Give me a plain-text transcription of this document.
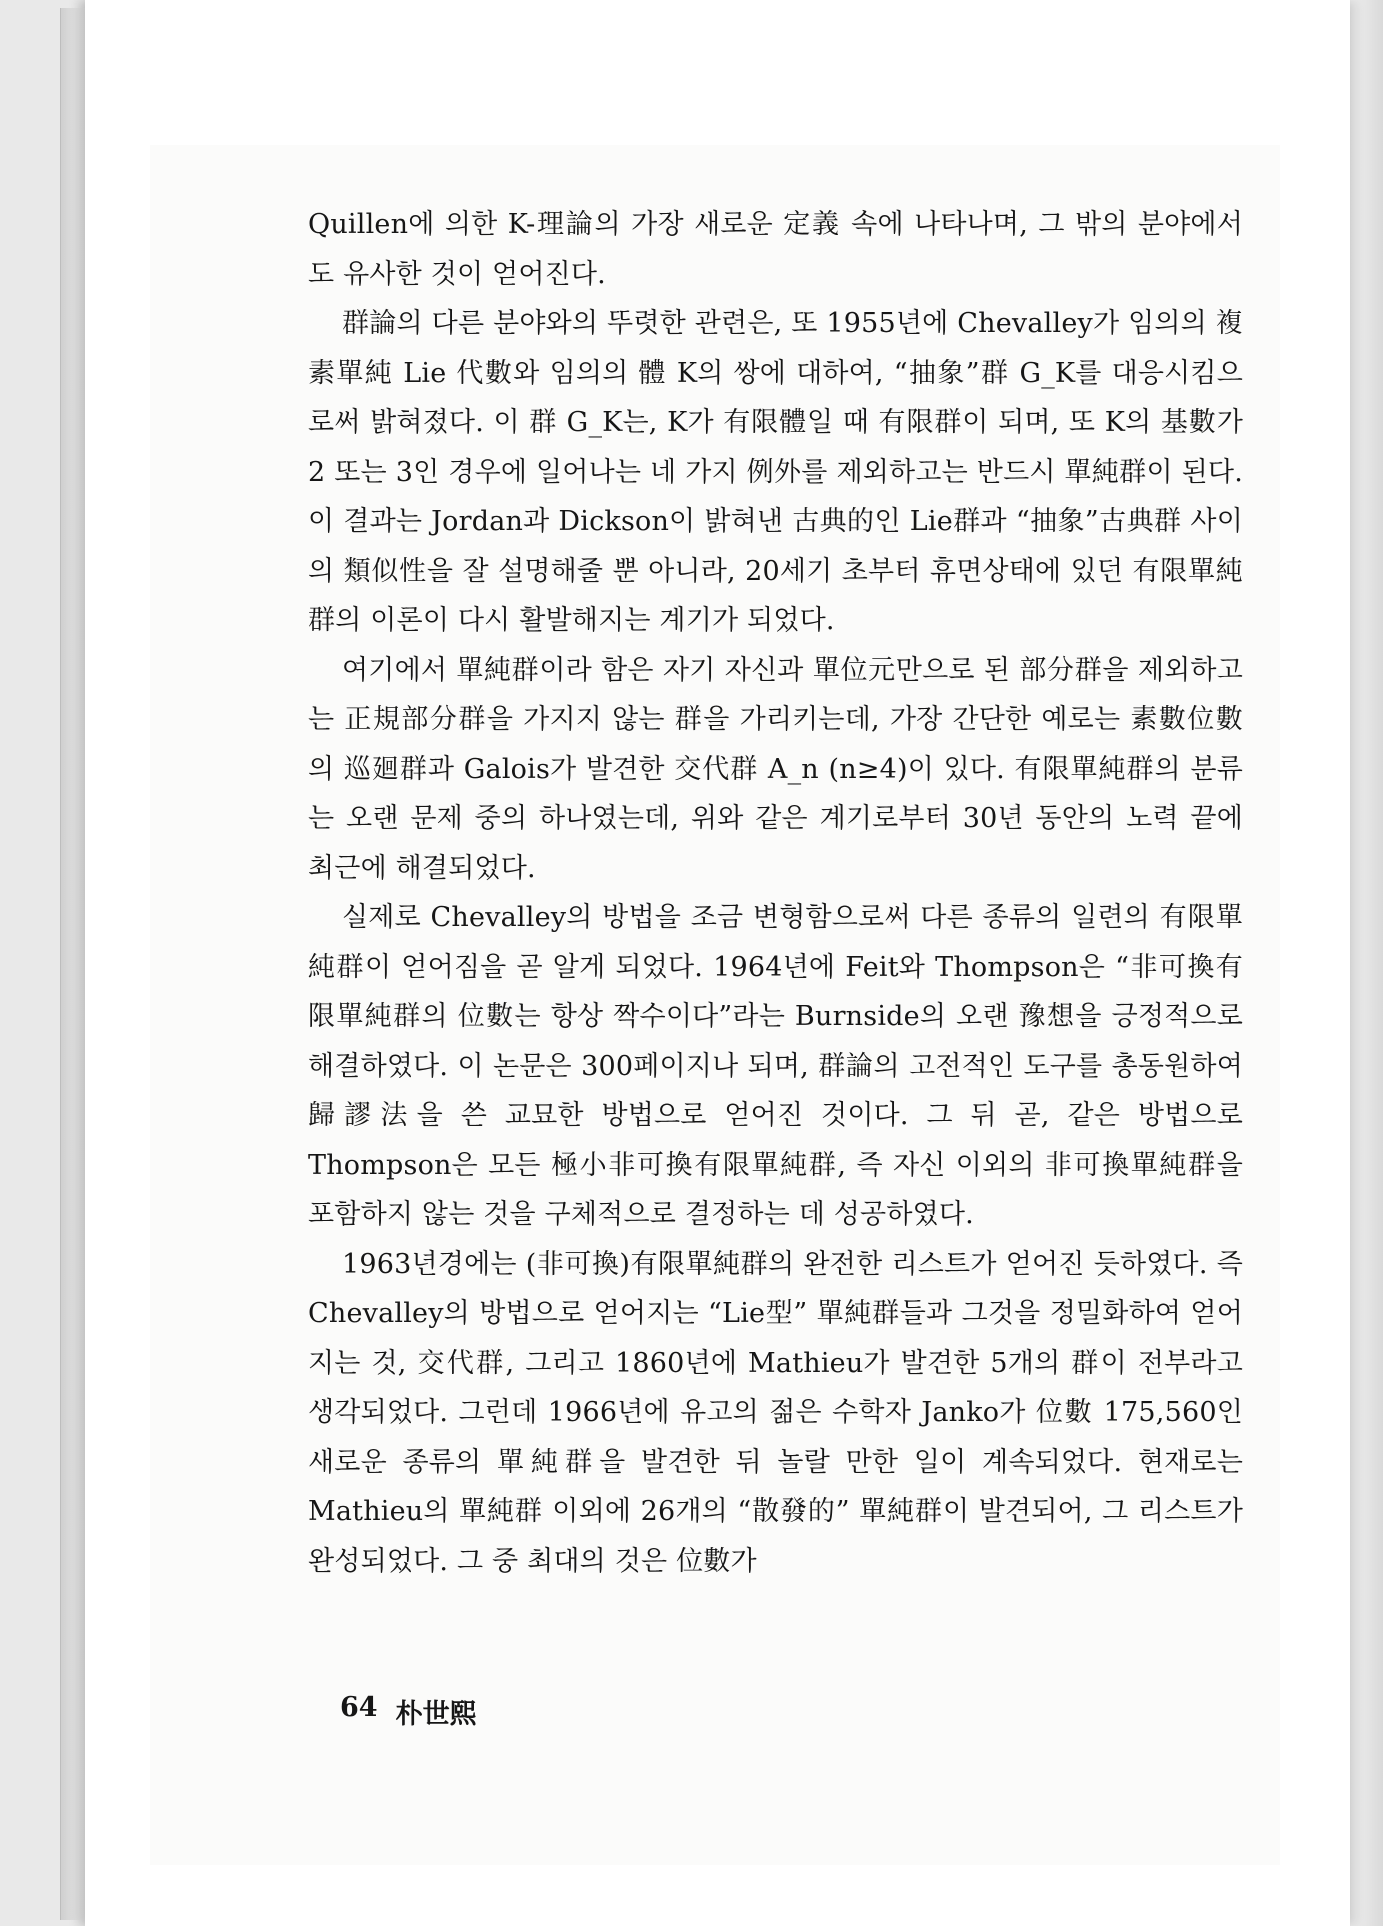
Quillen에 의한 K-理論의 가장 새로운 定義 속에 나타나며, 그 밖의 분야에서도 유사한 것이 얻어진다.

群論의 다른 분야와의 뚜렷한 관련은, 또 1955년에 Chevalley가 임의의 複素單純 Lie 代數와 임의의 體 K의 쌍에 대하여, “抽象”群 G_K를 대응시킴으로써 밝혀졌다. 이 群 G_K는, K가 有限體일 때 有限群이 되며, 또 K의 基數가 2 또는 3인 경우에 일어나는 네 가지 例外를 제외하고는 반드시 單純群이 된다. 이 결과는 Jordan과 Dickson이 밝혀낸 古典的인 Lie群과 “抽象”古典群 사이의 類似性을 잘 설명해줄 뿐 아니라, 20세기 초부터 휴면상태에 있던 有限單純群의 이론이 다시 활발해지는 계기가 되었다.

여기에서 單純群이라 함은 자기 자신과 單位元만으로 된 部分群을 제외하고는 正規部分群을 가지지 않는 群을 가리키는데, 가장 간단한 예로는 素數位數의 巡廻群과 Galois가 발견한 交代群 A_n (n≥4)이 있다. 有限單純群의 분류는 오랜 문제 중의 하나였는데, 위와 같은 계기로부터 30년 동안의 노력 끝에 최근에 해결되었다.

실제로 Chevalley의 방법을 조금 변형함으로써 다른 종류의 일련의 有限單純群이 얻어짐을 곧 알게 되었다. 1964년에 Feit와 Thompson은 “非可換有限單純群의 位數는 항상 짝수이다”라는 Burnside의 오랜 豫想을 긍정적으로 해결하였다. 이 논문은 300페이지나 되며, 群論의 고전적인 도구를 총동원하여 歸謬法을 쓴 교묘한 방법으로 얻어진 것이다. 그 뒤 곧, 같은 방법으로 Thompson은 모든 極小非可換有限單純群, 즉 자신 이외의 非可換單純群을 포함하지 않는 것을 구체적으로 결정하는 데 성공하였다.

1963년경에는 (非可換)有限單純群의 완전한 리스트가 얻어진 듯하였다. 즉 Chevalley의 방법으로 얻어지는 “Lie型” 單純群들과 그것을 정밀화하여 얻어지는 것, 交代群, 그리고 1860년에 Mathieu가 발견한 5개의 群이 전부라고 생각되었다. 그런데 1966년에 유고의 젊은 수학자 Janko가 位數 175,560인 새로운 종류의 單純群을 발견한 뒤 놀랄 만한 일이 계속되었다. 현재로는 Mathieu의 單純群 이외에 26개의 “散發的” 單純群이 발견되어, 그 리스트가 완성되었다. 그 중 최대의 것은 位數가

64 朴世熙
